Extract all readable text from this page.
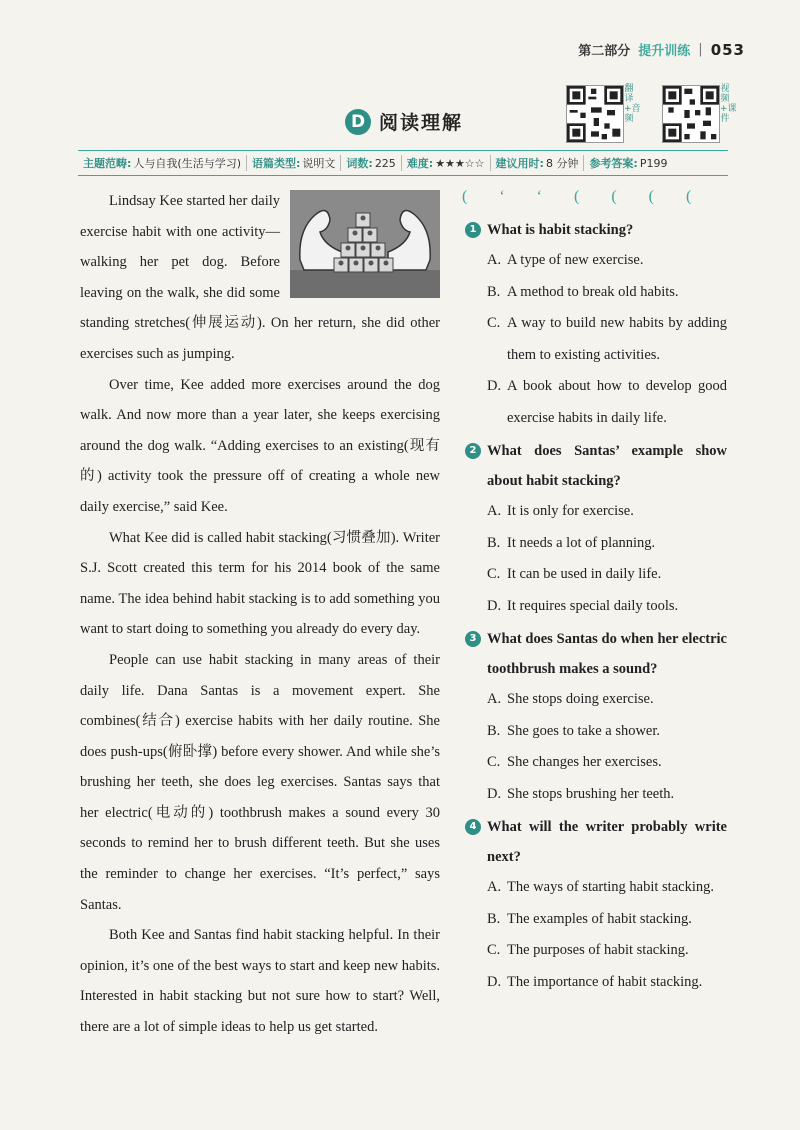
第二部分 提升训练 | 053
D 阅读理解
翻译+音频
视频+课件
主题范畴: 人与自我(生活与学习) 语篇类型: 说明文 词数: 225 难度: ★★★☆☆ 建议用时: 8 分钟 参考答案: P199

Lindsay Kee started her daily exercise habit with one activity—walking her pet dog. Before leaving on the walk, she did some standing stretches(伸展运动). On her return, she did other exercises such as jumping.

Over time, Kee added more exercises around the dog walk. And now more than a year later, she keeps exercising around the dog walk. “Adding exercises to an existing(现有的) activity took the pressure off of creating a whole new daily exercise,” said Kee.

What Kee did is called habit stacking(习惯叠加). Writer S.J. Scott created this term for his 2014 book of the same name. The idea behind habit stacking is to add something you want to start doing to something you already do every day.

People can use habit stacking in many areas of their daily life. Dana Santas is a movement expert. She combines(结合) exercise habits with her daily routine. She does push-ups(俯卧撑) before every shower. And while she’s brushing her teeth, she does leg exercises. Santas says that her electric(电动的) toothbrush makes a sound every 30 seconds to remind her to brush different teeth. But she uses the reminder to change her exercises. “It’s perfect,” says Santas.

Both Kee and Santas find habit stacking helpful. In their opinion, it’s one of the best ways to start and keep new habits. Interested in habit stacking but not sure how to start? Well, there are a lot of simple ideas to help us get started.

( ‘ ‘ ( ( ( (
1 What is habit stacking?
A. A type of new exercise.
B. A method to break old habits.
C. A way to build new habits by adding them to existing activities.
D. A book about how to develop good exercise habits in daily life.
2 What does Santas’ example show about habit stacking?
A. It is only for exercise.
B. It needs a lot of planning.
C. It can be used in daily life.
D. It requires special daily tools.
3 What does Santas do when her electric toothbrush makes a sound?
A. She stops doing exercise.
B. She goes to take a shower.
C. She changes her exercises.
D. She stops brushing her teeth.
4 What will the writer probably write next?
A. The ways of starting habit stacking.
B. The examples of habit stacking.
C. The purposes of habit stacking.
D. The importance of habit stacking.
